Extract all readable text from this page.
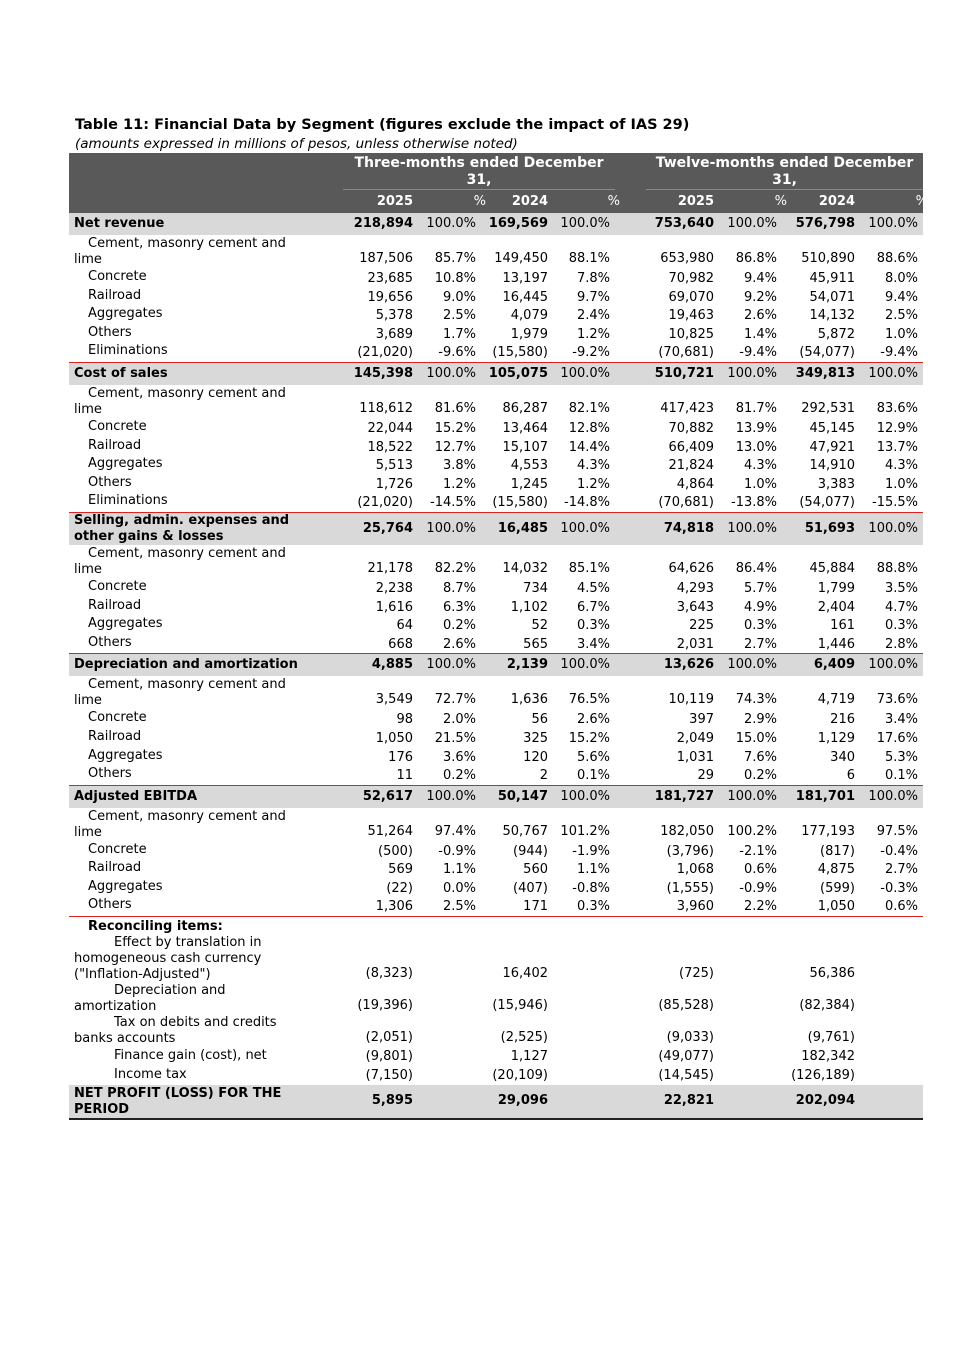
Table 11: Financial Data by Segment (figures exclude the impact of IAS 29)

(amounts expressed in millions of pesos, unless otherwise noted)

Three-months ended December 31,
Twelve-months ended December 31,
2025	% 2024	%	2025	% 2024	%
Net revenue	218,894 100.0% 169,569 100.0%	753,640 100.0% 576,798 100.0%
Cement, masonry cement and lime	187,506 85.7% 149,450 88.1%	653,980 86.8% 510,890 88.6%
Concrete	23,685 10.8% 13,197 7.8%	70,982 9.4%	45,911 8.0%
Railroad	19,656 9.0% 16,445 9.7%	69,070 9.2%	54,071 9.4%
Aggregates	5,378 2.5%	4,079 2.4%	19,463 2.6%	14,132 2.5%
Others	3,689 1.7%	1,979 1.2%	10,825 1.4%	5,872 1.0%
Eliminations	(21,020) -9.6% (15,580) -9.2%	(70,681) -9.4% (54,077) -9.4%
Cost of sales	145,398 100.0% 105,075 100.0%	510,721 100.0% 349,813 100.0%
Cement, masonry cement and lime	118,612 81.6% 86,287 82.1%	417,423 81.7% 292,531 83.6%
Concrete	22,044 15.2% 13,464 12.8%	70,882 13.9%	45,145 12.9%
Railroad	18,522 12.7% 15,107 14.4%	66,409 13.0%	47,921 13.7%
Aggregates	5,513 3.8%	4,553 4.3%	21,824 4.3%	14,910 4.3%
Others	1,726 1.2%	1,245 1.2%	4,864 1.0%	3,383 1.0%
Eliminations	(21,020) -14.5% (15,580) -14.8%	(70,681) -13.8% (54,077) -15.5%
Selling, admin. expenses and other gains & losses
25,764 100.0% 16,485 100.0%	74,818 100.0% 51,693 100.0%
Cement, masonry cement and lime	21,178 82.2% 14,032 85.1%	64,626 86.4%	45,884 88.8%
Concrete	2,238 8.7%	734 4.5%	4,293 5.7%	1,799 3.5%
Railroad	1,616 6.3%	1,102 6.7%	3,643 4.9%	2,404 4.7%
Aggregates	64 0.2%	52 0.3%	225 0.3%	161 0.3%
Others	668 2.6%	565 3.4%	2,031 2.7%	1,446 2.8%
Depreciation and amortization	4,885 100.0% 2,139 100.0%	13,626 100.0%	6,409 100.0%
Cement, masonry cement and lime	3,549 72.7%	1,636 76.5%	10,119 74.3%	4,719 73.6%
Concrete	98 2.0%	56 2.6%	397 2.9%	216 3.4%
Railroad	1,050 21.5%	325 15.2%	2,049 15.0%	1,129 17.6%
Aggregates	176 3.6%	120 5.6%	1,031 7.6%	340 5.3%
Others	11 0.2%	2 0.1%	29 0.2%	6 0.1%
Adjusted EBITDA	52,617 100.0% 50,147 100.0%	181,727 100.0% 181,701 100.0%
Cement, masonry cement and lime	51,264 97.4% 50,767 101.2%	182,050 100.2% 177,193 97.5%
Concrete	(500) -0.9%	(944) -1.9%	(3,796) -2.1%	(817) -0.4%
Railroad	569 1.1%	560 1.1%	1,068 0.6%	4,875 2.7%
Aggregates	(22) 0.0%	(407) -0.8%	(1,555) -0.9%	(599) -0.3%
Others	1,306 2.5%	171 0.3%	3,960 2.2%	1,050 0.6%
Reconciling items:
Effect by translation in homogeneous cash currency ("Inflation-Adjusted")	(8,323)	16,402	(725)	56,386
Depreciation and amortization	(19,396)	(15,946)	(85,528)	(82,384)
Tax on debits and credits banks accounts	(2,051)	(2,525)	(9,033)	(9,761)
Finance gain (cost), net	(9,801)	1,127	(49,077)	182,342
Income tax	(7,150)	(20,109)	(14,545)	(126,189)
NET PROFIT (LOSS) FOR THE PERIOD
5,895	29,096	22,821	202,094
